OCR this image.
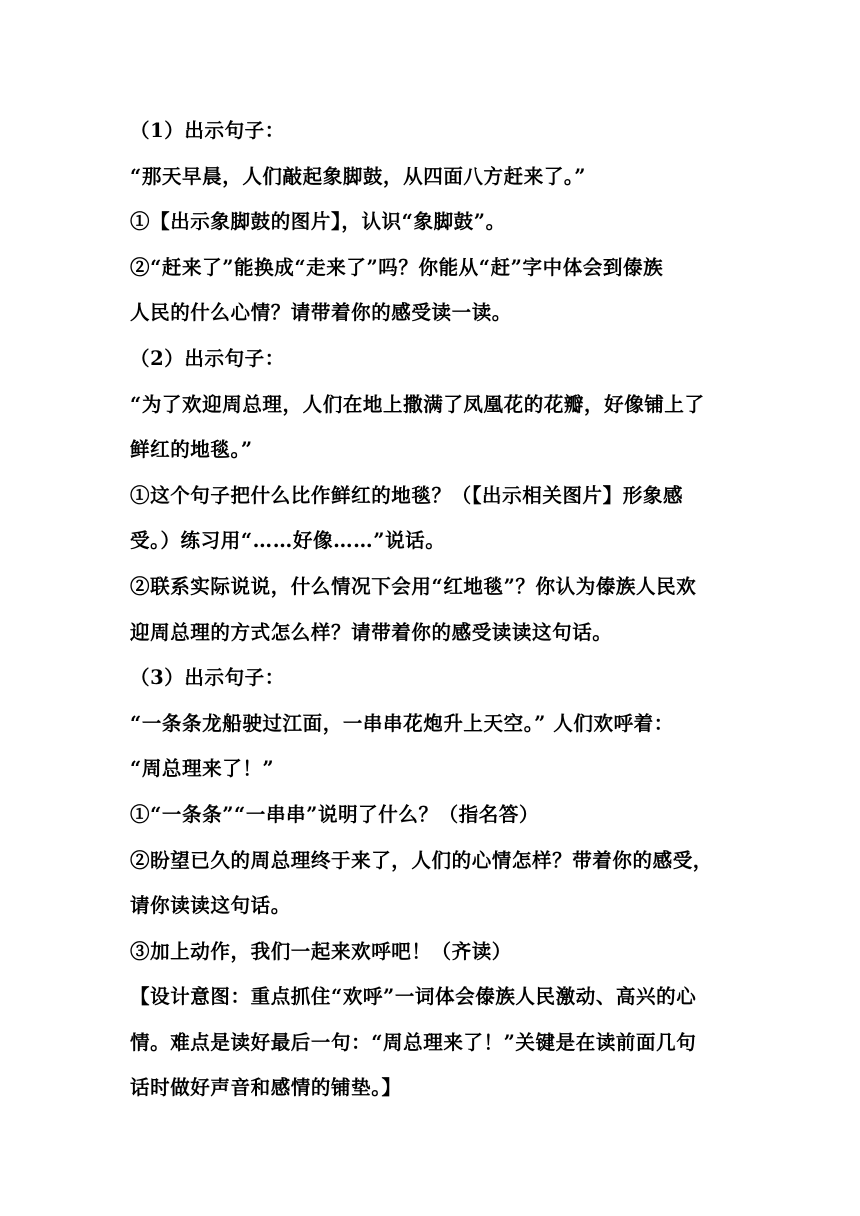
（1）出示句子：
“那天早晨，人们敲起象脚鼓，从四面八方赶来了。”
①【出示象脚鼓的图片】，认识“象脚鼓”。
②“赶来了”能换成“走来了”吗？你能从“赶”字中体会到傣族
人民的什么心情？请带着你的感受读一读。
（2）出示句子：
“为了欢迎周总理，人们在地上撒满了凤凰花的花瓣，好像铺上了
鲜红的地毯。”
①这个句子把什么比作鲜红的地毯？（【出示相关图片】形象感
受。）练习用“……好像……”说话。
②联系实际说说，什么情况下会用“红地毯”？你认为傣族人民欢
迎周总理的方式怎么样？请带着你的感受读读这句话。
（3）出示句子：
“一条条龙船驶过江面，一串串花炮升上天空。” 人们欢呼着：
“周总理来了！”
①“一条条”“一串串”说明了什么？（指名答）
②盼望已久的周总理终于来了，人们的心情怎样？带着你的感受，
请你读读这句话。
③加上动作，我们一起来欢呼吧！（齐读）
【设计意图：重点抓住“欢呼”一词体会傣族人民激动、高兴的心
情。难点是读好最后一句：“周总理来了！”关键是在读前面几句
话时做好声音和感情的铺垫。】
